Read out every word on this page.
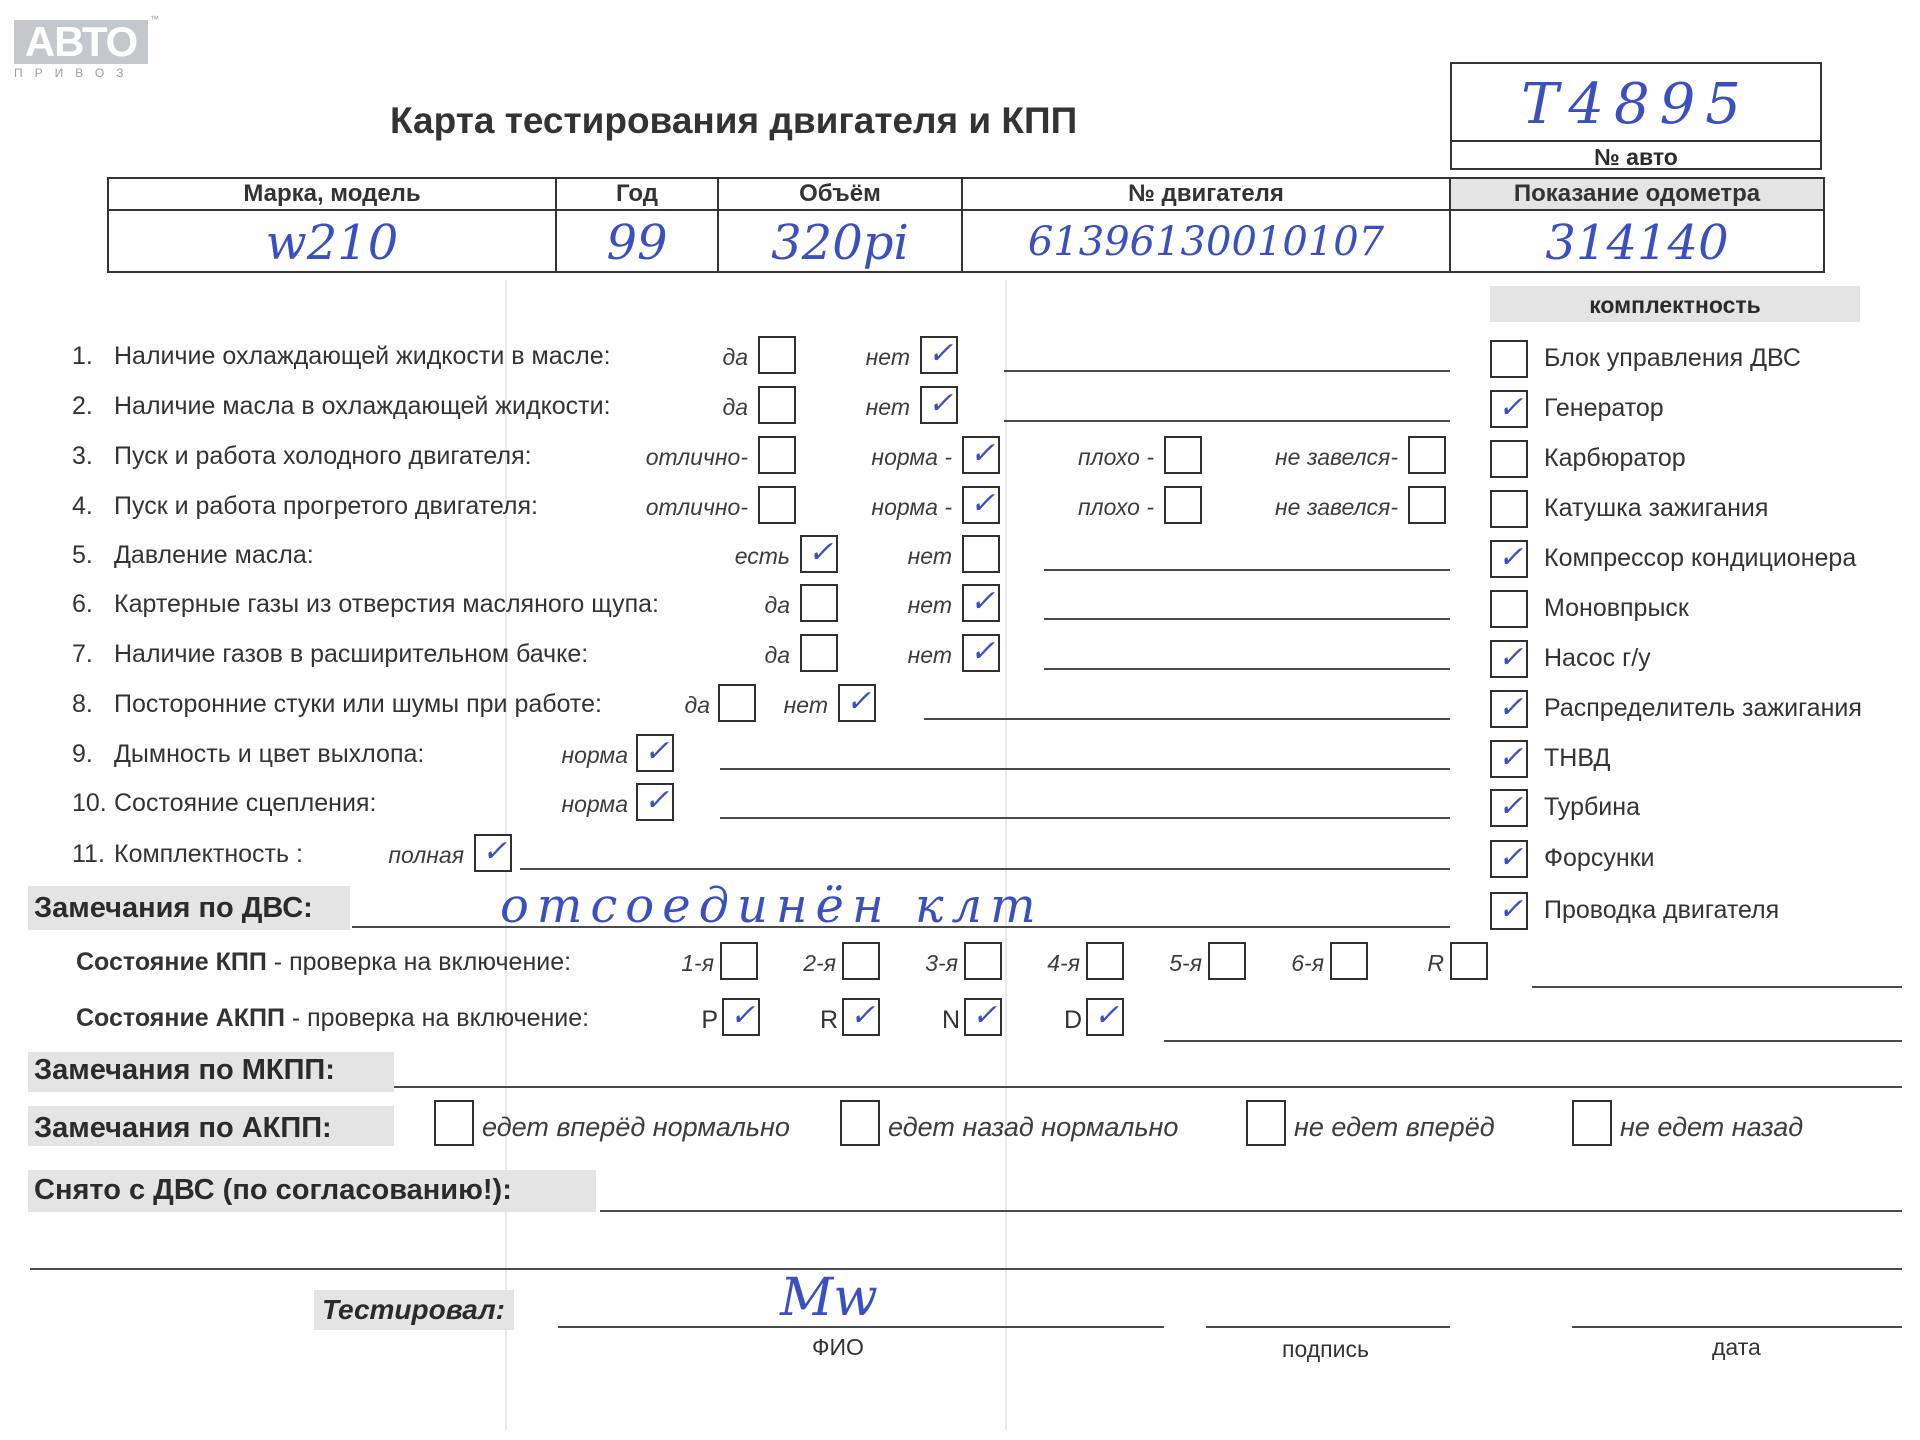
АВТО
ПРИВОЗ
™
Карта тестирования двигателя и КПП	T4895
№ авто
Марка, модель	Год	Объём	№ двигателя	Показание одометра

w210	99	320pi	61396130010107	314140
комплектность
1. Наличие охлаждающей жидкости в масле:	да	нет ✓
2. Наличие масла в охлаждающей жидкости:	да	нет ✓
3. Пуск и работа холодного двигателя:	отлично-	норма - ✓	плохо -	не завелся-
4. Пуск и работа прогретого двигателя:	отлично-	норма - ✓	плохо -	не завелся-
5. Давление масла:	есть ✓	нет
6. Картерные газы из отверстия масляного щупа:	да	нет ✓
7. Наличие газов в расширительном бачке:	да	нет ✓
8. Посторонние стуки или шумы при работе:	да	нет ✓
9. Дымность и цвет выхлопа:	норма ✓
10. Состояние сцепления:	норма ✓
11. Комплектность :	полная ✓
Блок управления ДВС
✓ Генератор
Карбюратор
Катушка зажигания
✓ Компрессор кондиционера
Моновпрыск
✓ Насос г/у
✓ Распределитель зажигания
✓ ТНВД
✓ Турбина
✓ Форсунки
✓ Проводка двигателя
Замечания по ДВС:	отсоединён клт
Состояние КПП - проверка на включение:	1-я	2-я	3-я	4-я	5-я	6-я	R
Состояние АКПП - проверка на включение:	P ✓	R ✓	N ✓	D ✓
Замечания по МКПП:
Замечания по АКПП:	едет вперёд нормально	едет назад нормально	не едет вперёд	не едет назад
Снято с ДВС (по согласованию!):
Тестировал:	Mw
ФИО	подпись	дата
